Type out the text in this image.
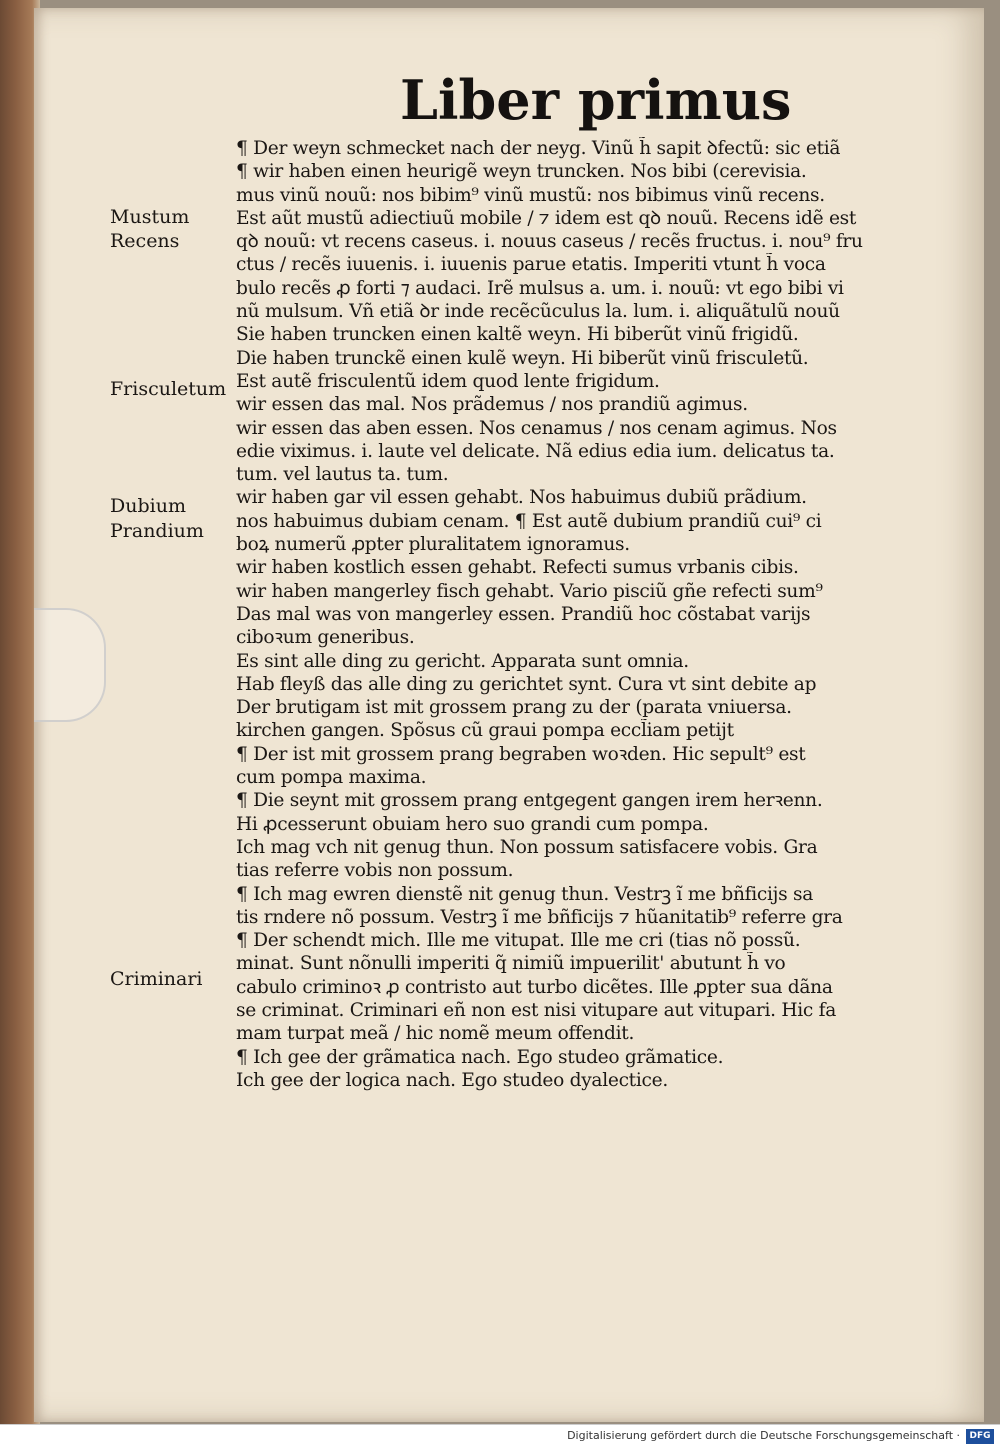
Liber primus
Mustum
Recens
Frisculetum
Dubium
Prandium
Criminari
¶ Der weyn schmecket nach der neyg. Vinũ h̃ sapit ꝺfectũ: sic etiã
¶ wir haben einen heurigẽ weyn truncken. Nos bibi (cerevisia.
mus vinũ nouũ: nos bibim⁹ vinũ mustũ: nos bibimus vinũ recens.
Est aũt mustũ adiectiuũ mobile / ⁊ idem est qꝺ nouũ. Recens idẽ est
qꝺ nouũ: vt recens caseus. i. nouus caseus / recẽs fructus. i. nou⁹ fru
ctus / recẽs iuuenis. i. iuuenis parue etatis. Imperiti vtunt h̃ voca
bulo recẽs ꝓ forti ⁊ audaci. Irẽ mulsus a. um. i. nouũ: vt ego bibi vi
nũ mulsum. Vñ etiã ꝺr inde recẽcũculus la. lum. i. aliquãtulũ nouũ
Sie haben truncken einen kaltẽ weyn. Hi biberũt vinũ frigidũ.
Die haben trunckẽ einen kulẽ weyn. Hi biberũt vinũ frisculetũ.
Est autẽ frisculentũ idem quod lente frigidum.
wir essen das mal. Nos prãdemus / nos prandiũ agimus.
wir essen das aben essen. Nos cenamus / nos cenam agimus. Nos
edie viximus. i. laute vel delicate. Nã edius edia ium. delicatus ta.
tum. vel lautus ta. tum.
wir haben gar vil essen gehabt. Nos habuimus dubiũ prãdium.
nos habuimus dubiam cenam. ¶ Est autẽ dubium prandiũ cui⁹ ci
boꝝ numerũ ꝓpter pluralitatem ignoramus.
wir haben kostlich essen gehabt. Refecti sumus vrbanis cibis.
wir haben mangerley fisch gehabt. Vario pisciũ gñe refecti sum⁹
Das mal was von mangerley essen. Prandiũ hoc cõstabat varijs
ciboꝛum generibus.
Es sint alle ding zu gericht. Apparata sunt omnia.
Hab fleyß das alle ding zu gerichtet synt. Cura vt sint debite ap
Der brutigam ist mit grossem prang zu der (parata vniuersa.
kirchen gangen. Spõsus cũ graui pompa eccl̃iam petijt
¶ Der ist mit grossem prang begraben woꝛden. Hic sepult⁹ est
cum pompa maxima.
¶ Die seynt mit grossem prang entgegent gangen irem herꝛenn.
Hi ꝓcesserunt obuiam hero suo grandi cum pompa.
Ich mag vch nit genug thun. Non possum satisfacere vobis. Gra
tias referre vobis non possum.
¶ Ich mag ewren dienstẽ nit genug thun. Vestrꝫ ĩ me bñficijs sa
tis rndere nõ possum. Vestrꝫ ĩ me bñficijs ⁊ hũanitatib⁹ referre gra
¶ Der schendt mich. Ille me vitupat. Ille me cri (tias nõ possũ.
minat. Sunt nõnulli imperiti q̃ nimiũ impuerilit' abutunt h̃ vo
cabulo criminoꝛ ꝓ contristo aut turbo dicẽtes. Ille ꝓpter sua dãna
se criminat. Criminari eñ non est nisi vitupare aut vitupari. Hic fa
mam turpat meã / hic nomẽ meum offendit.
¶ Ich gee der grãmatica nach. Ego studeo grãmatice.
Ich gee der logica nach. Ego studeo dyalectice.
Digitalisierung gefördert durch die Deutsche Forschungsgemeinschaft ·	DFG
